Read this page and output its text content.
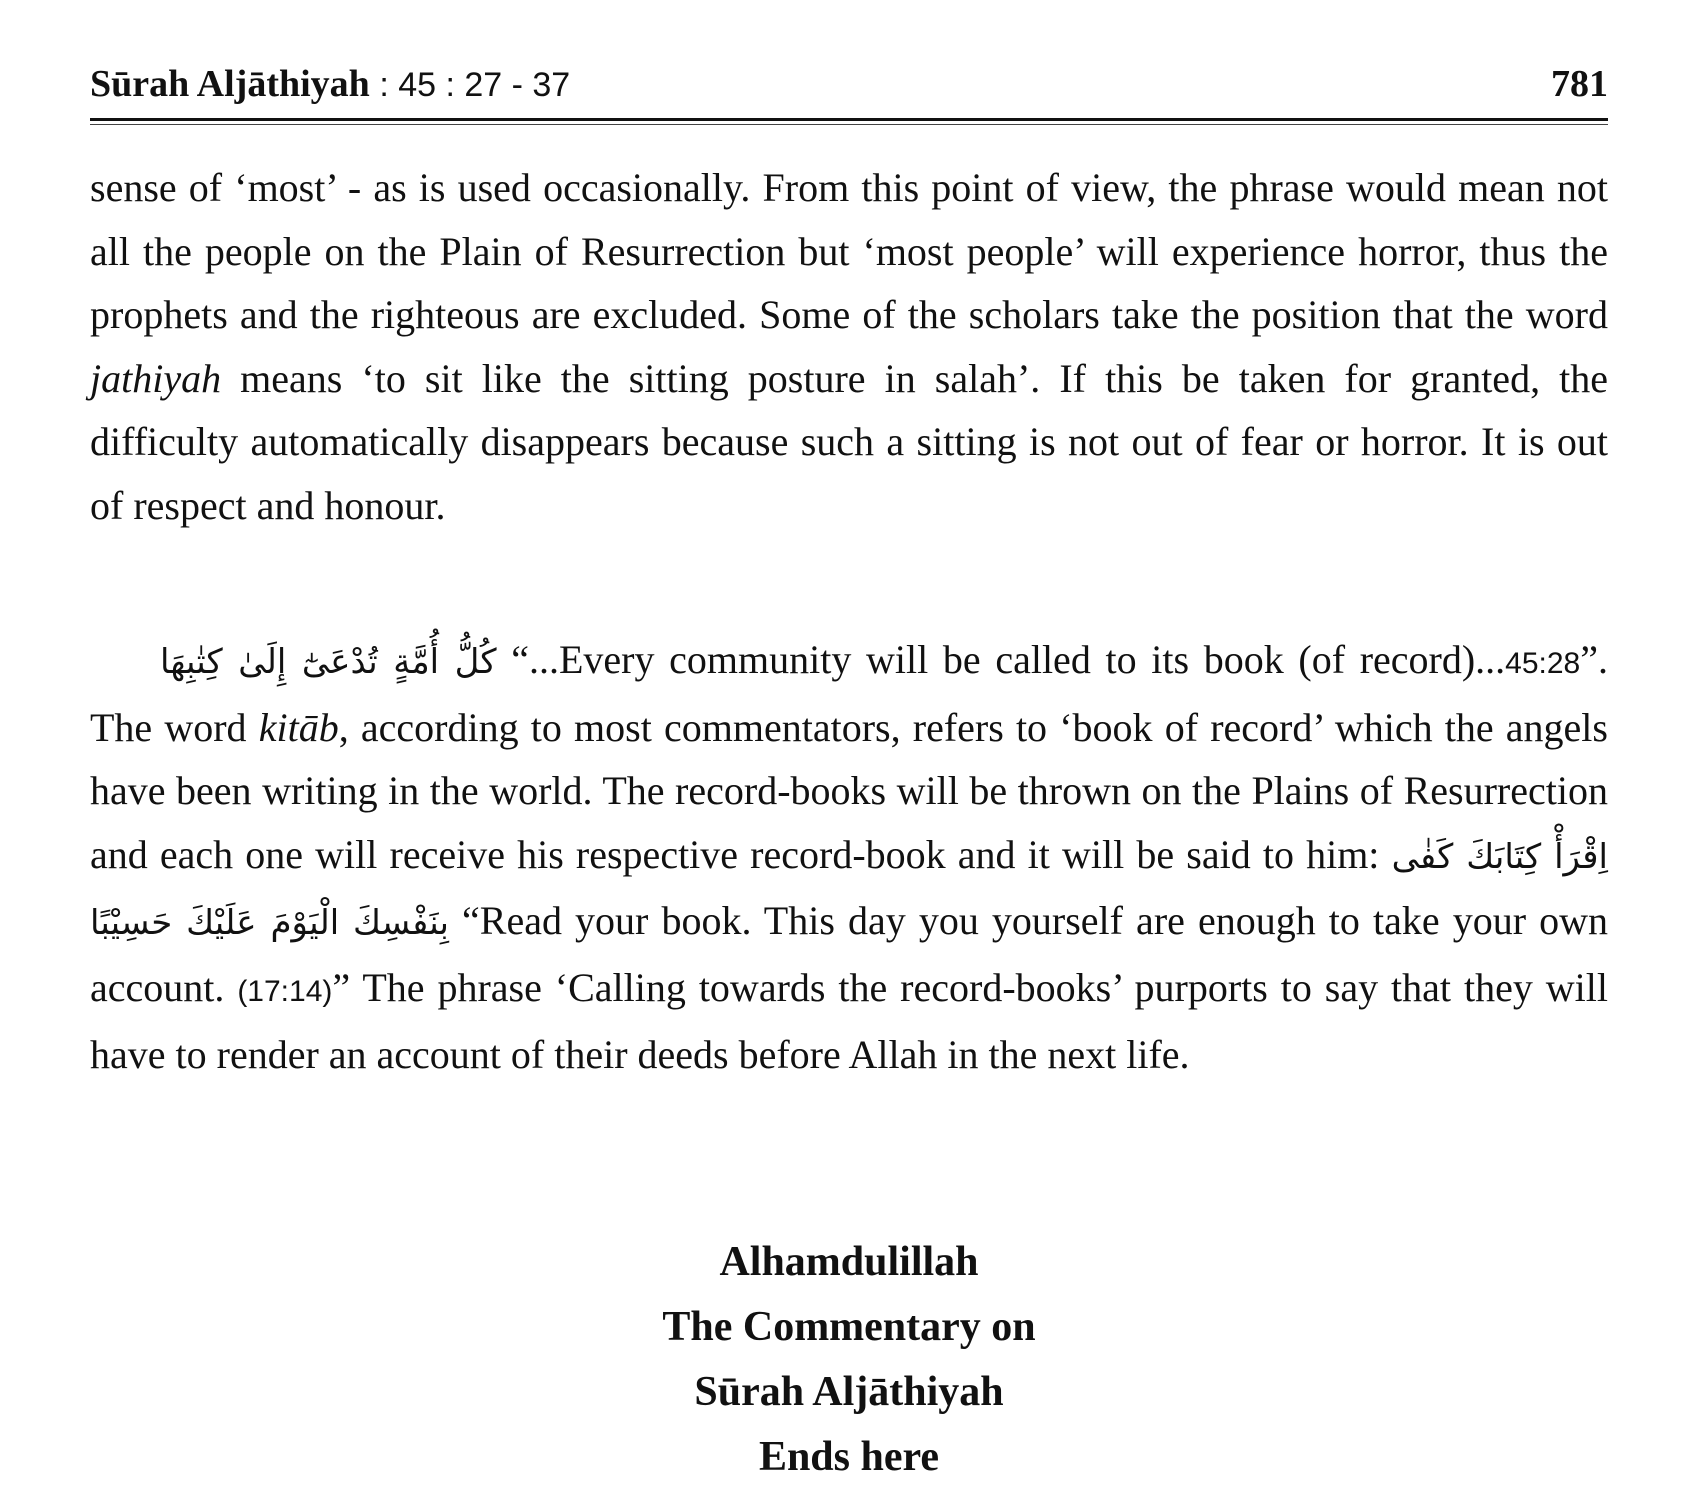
Sūrah Aljāthiyah : 45 : 27 - 37	781

sense of ‘most’ - as is used occasionally. From this point of view, the phrase would mean not all the people on the Plain of Resurrection but ‘most people’ will experience horror, thus the prophets and the righteous are excluded. Some of the scholars take the position that the word jathiyah means ‘to sit like the sitting posture in salah’. If this be taken for granted, the difficulty automatically disappears because such a sitting is not out of fear or horror. It is out of respect and honour.

كُلُّ أُمَّةٍ تُدْعَىٰٓ إِلَىٰ كِتٰبِهَا “...Every community will be called to its book (of record)...45:28”. The word kitāb, according to most commentators, refers to ‘book of record’ which the angels have been writing in the world. The record-books will be thrown on the Plains of Resurrection and each one will receive his respective record-book and it will be said to him: اِقْرَأْ كِتَابَكَ كَفٰى بِنَفْسِكَ الْيَوْمَ عَلَيْكَ حَسِيْبًا “Read your book. This day you yourself are enough to take your own account. (17:14)” The phrase ‘Calling towards the record-books’ purports to say that they will have to render an account of their deeds before Allah in the next life.

Alhamdulillah
The Commentary on
Sūrah Aljāthiyah
Ends here
